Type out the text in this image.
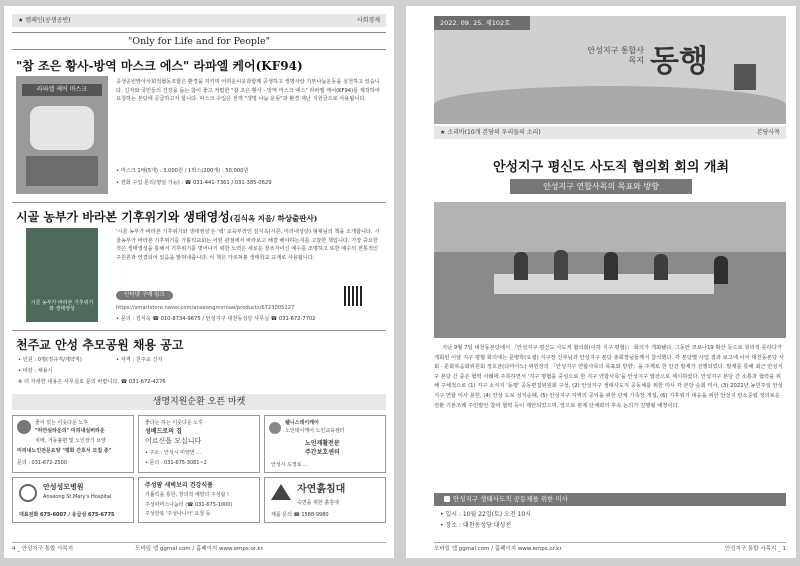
★ 캠페인(공생공빈)	사회경제
"Only for Life and for People"
"참 조은 황사-방역 마스크 에스" 라파엘 케어(KF94)
라파엘 케어 마스크
공생공빈맘아사회적협동조합은 환경을 지키며 어려운이웃과함께 공생하고 생명사랑 기부나눔운동을 실천하고 있습니다. 신자와 국민들의 건강을 돕는 참이 좋고 저렴한 "참 조은 황사 - 방역 마스크 에스" 라파엘 케어(KF94)를 제작하여 요청하는 본당에 공급하고자 합니다. 마스크 수입은 전액 "생명 나눔 운동"과 환경 재난 지원금으로 사용됩니다.
• 마스크 1매(5개) : 3,000원 / 1박스(200개) : 50,000원
• 전화 구입 문의(평일 가능) : ☎ 031-441-7361 / 031-385-0629
시골 농부가 바라본 기후위기와 생태영성(김식옥 지음/ 하상출판사)
시골 농부가 바라본 기후위기와 생태영성
'시골 농부가 바라본 기후위기와 생태영성'은 '벽' 교육부장인 김식옥(시몬, 미리내성당) 형제님의 책을 소개합니다. 시골농부가 바라본 기후위기를 가톨릭교회는 어떤 관점에서 바라보고 해결 해야하는지를 고찰한 책입니다. 가장 중요한 것은 생태영성을 통해서 기후위기를 벗어나기 위한 노력은 새로운 창조자이신 예수를 조명하고 또한 예수의 전통적인 구원론과 연결되어 있음을 밝혀내줍니다. 이 책은 가르쳐볼 생태학교 교재로 사용됩니다.
인터넷 구매 링크
https://smartstore.naver.com/anseongmirinae/products/6723005227
• 문의 : 김식옥 ☎ 010-8734-9675 / 안성지구 대천동성당 사무실 ☎ 031-672-7702
천주교 안성 추모공원 채용 공고
• 인원 : 0명(정규직/계약직)	• 자격 : 천주교 신자
• 마감 : 채용시
※ 더 자세한 내용은 사무실로 문의 바랍니다. ☎ 031-672-4276
생명지원순환 오픈 마켓
좋이 있는 이웃다운 노후
"하얀실타운의" 미리내실버타운
치매, 거동불편 및 노인장기 요양
미리내노인전문요양 "평화 간호서 모집 중"
문의 : 031-672-2500
좋다는 하는 이웃다운 노후
성베드로의 집
어르신을 모십니다
• 주소 : 안성시 미양면 ...
• 문의 : 031-675-3081~2
웰니스데이케어
노인데이케어 노인교육센터
노인재활전문
주간보호센터
안성시 도정로 ...
안성성모병원
Anseong St.Mary's Hospital
대표전화 675-6007 / 응급실 675-6775
주성팜 새벽보리 건강식품
가톨릭을 통한, 창의적 예방의 주성팜 !
주성파머스나눔터 (☎ 031-675-1000)
주성한복 '주성나니아' 요청 등
자연흙침대
숙면을 위한 흙침대
제품 문의 ☎ 1588-9980
4 _ 안성지구 통합 사목지	모바일 앱 ggmal.com / 홈페이지 www.emps.or.kr
2022. 09. 25. 제102호
안성지구 통합사목지 동행
★ 소리바(10개 본당의 우리들의 소리)	본당사목
안성지구 평신도 사도직 협의회 회의 개최
안성지구 연합사목의 목표와 방향
지난 9월 7일 대천동본당에서 「안성지구 평신도 사도직 협의회(이하 지구 평협)」 회의가 개최됐다. 그동안 코로나19 확산 등으로 원리적 못하다가 개회된 이날 지구 평협 회의에는 문병학(요셉) 지구장 신부님과 안성지구 본당 총회장님들께서 참석했다. 각 본당별 사업 결과 보고에 이어 대천동본당 사회 · 문화복음화위원회 정호균(다미아노) 위원장의 「안성지구 연합사목의 목표와 방향」을 주제로 한 안건 발제가 진행되었다. 발제를 통해 최근 안성지구 본당 간 중은 협력 사례에 주목하면서 '지구 평협을 중심으로 한 지구 연합사목'을 안성지구 발전으로 제시하였다. 안성지구 본당 간 소통과 협력을 위해 구체적으로 (1) 지구 소식지 '동행' 공동편집위원회 구성, (2) 안성지구 생태사도직 공동체를 위한 미사 각 본당 순회 미사, (3) 2022년 농민주일 안성지구 연합 미사 봉헌, (4) 안성 도보 성지순례, (5) 안성지구 지역의 공익을 위한 단체 가족장 개설, (6) 기후위기 대응을 위한 안성지 탄소중립 정의로운 전환 기본조례 주민발안 참여 협력 등이 제안되었으며, 앞으로 관계 단체와의 후속 논의가 진행될 예정이다.
안성지구 생태사도직 공동체를 위한 미사
• 일시 : 10월 22일(토) 오전 10시
• 장소 : 대천동성당 대성전
모바일 앱 ggmal.com / 홈페이지 www.emps.or.kr	안성지구 통합 사목지 _ 1
